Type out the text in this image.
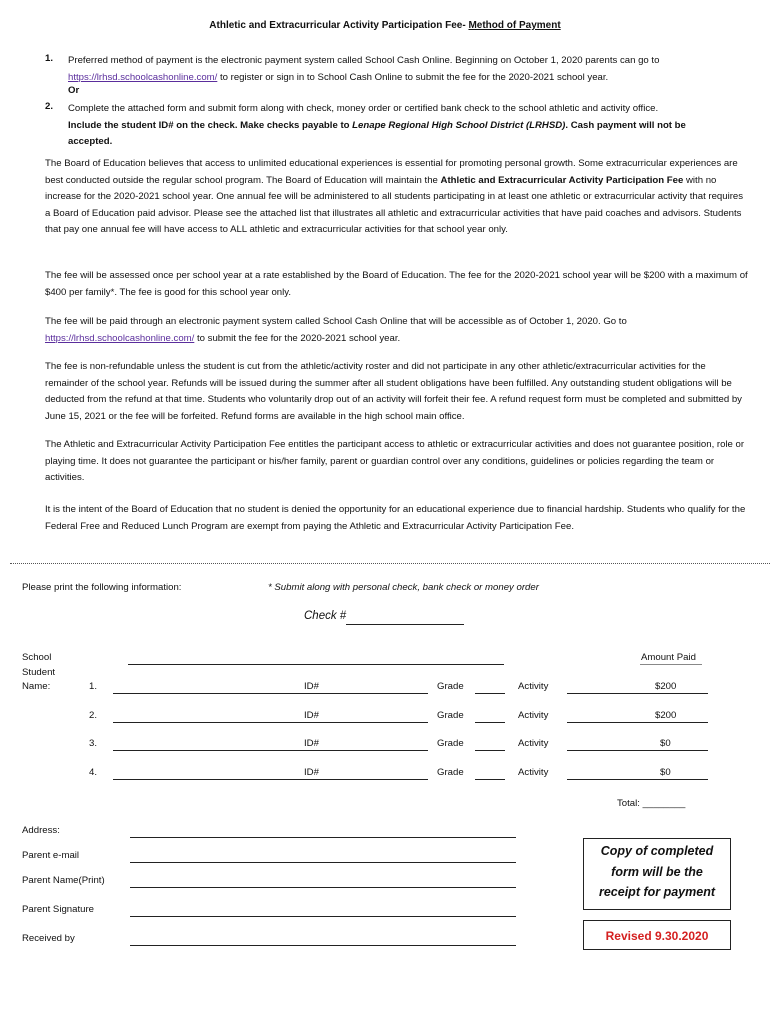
Athletic and Extracurricular Activity Participation Fee- Method of Payment
1. Preferred method of payment is the electronic payment system called School Cash Online. Beginning on October 1, 2020 parents can go to
https://lrhsd.schoolcashonline.com/ to register or sign in to School Cash Online to submit the fee for the 2020-2021 school year.
Or
2. Complete the attached form and submit form along with check, money order or certified bank check to the school athletic and activity office.
Include the student ID# on the check. Make checks payable to Lenape Regional High School District (LRHSD). Cash payment will not be
accepted.
The Board of Education believes that access to unlimited educational experiences is essential for promoting personal growth. Some extracurricular experiences are best conducted outside the regular school program. The Board of Education will maintain the Athletic and Extracurricular Activity Participation Fee with no increase for the 2020-2021 school year. One annual fee will be administered to all students participating in at least one athletic or extracurricular activity that requires a Board of Education paid advisor. Please see the attached list that illustrates all athletic and extracurricular activities that have paid coaches and advisors. Students that pay one annual fee will have access to ALL athletic and extracurricular activities for that school year only.
The fee will be assessed once per school year at a rate established by the Board of Education. The fee for the 2020-2021 school year will be $200 with a maximum of $400 per family*. The fee is good for this school year only.
The fee will be paid through an electronic payment system called School Cash Online that will be accessible as of October 1, 2020. Go to
https://lrhsd.schoolcashonline.com/ to submit the fee for the 2020-2021 school year.
The fee is non-refundable unless the student is cut from the athletic/activity roster and did not participate in any other athletic/extracurricular activities for the remainder of the school year. Refunds will be issued during the summer after all student obligations have been fulfilled. Any outstanding student obligations will be deducted from the refund at that time. Students who voluntarily drop out of an activity will forfeit their fee. A refund request form must be completed and submitted by June 15, 2021 or the fee will be forfeited. Refund forms are available in the high school main office.
The Athletic and Extracurricular Activity Participation Fee entitles the participant access to athletic or extracurricular activities and does not guarantee position, role or playing time. It does not guarantee the participant or his/her family, parent or guardian control over any conditions, guidelines or policies regarding the team or activities.
It is the intent of the Board of Education that no student is denied the opportunity for an educational experience due to financial hardship. Students who qualify for the Federal Free and Reduced Lunch Program are exempt from paying the Athletic and Extracurricular Activity Participation Fee.
Please print the following information:	* Submit along with personal check, bank check or money order
Check #
School
Student
Name:
Amount Paid
1.	ID#	Grade	Activity	$200
2.	ID#	Grade	Activity	$200
3.	ID#	Grade	Activity	$0
4.	ID#	Grade	Activity	$0
Total: ________
Address:
Parent e-mail
Parent Name(Print)
Parent Signature
Received by
Copy of completed
form will be the
receipt for payment
Revised 9.30.2020
